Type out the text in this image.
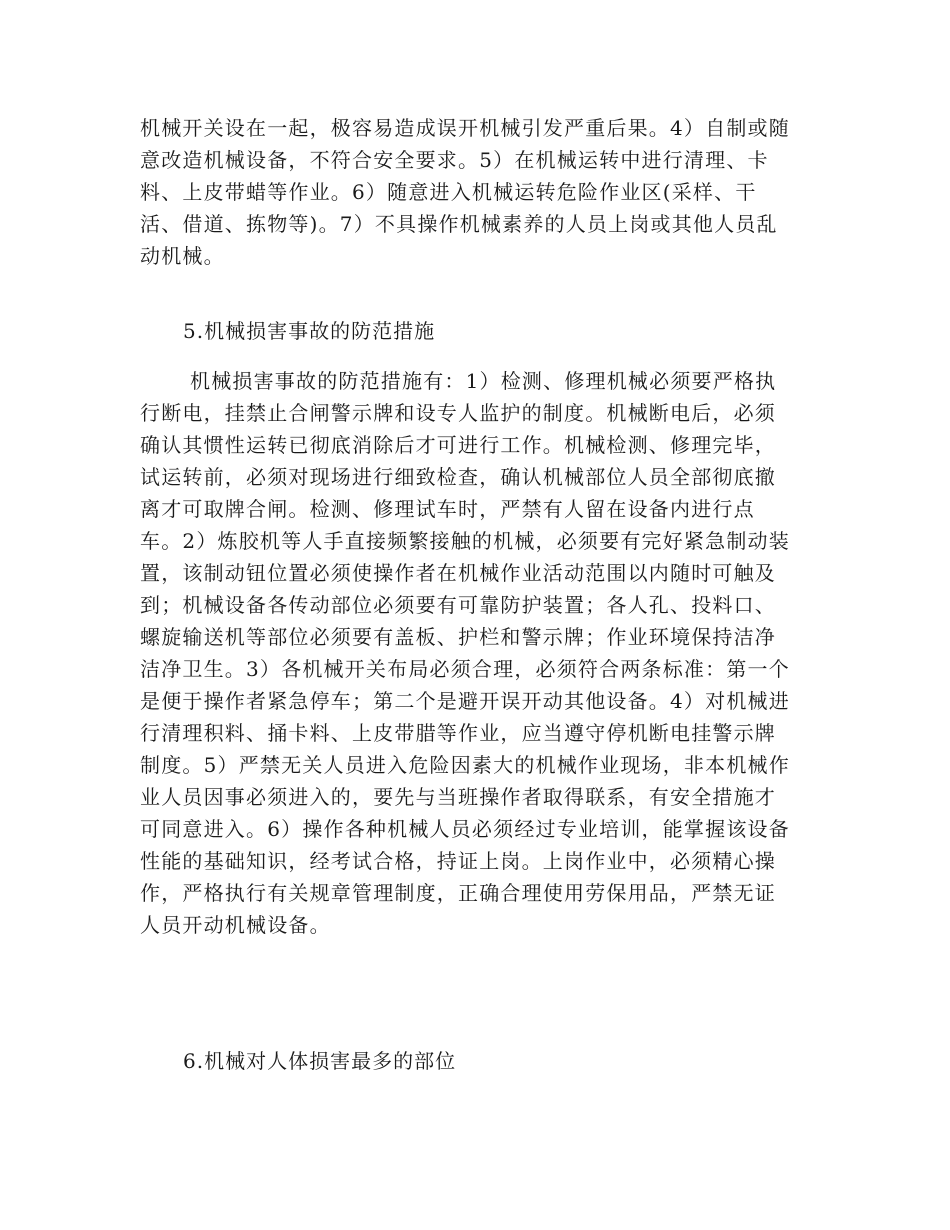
机械开关设在一起，极容易造成误开机械引发严重后果。4）自制或随
意改造机械设备，不符合安全要求。5）在机械运转中进行清理、卡
料、上皮带蜡等作业。6）随意进入机械运转危险作业区(采样、干
活、借道、拣物等)。7）不具操作机械素养的人员上岗或其他人员乱
动机械。
5.机械损害事故的防范措施
机械损害事故的防范措施有：1）检测、修理机械必须要严格执
行断电，挂禁止合闸警示牌和设专人监护的制度。机械断电后，必须
确认其惯性运转已彻底消除后才可进行工作。机械检测、修理完毕，
试运转前，必须对现场进行细致检查，确认机械部位人员全部彻底撤
离才可取牌合闸。检测、修理试车时，严禁有人留在设备内进行点
车。2）炼胶机等人手直接频繁接触的机械，必须要有完好紧急制动装
置，该制动钮位置必须使操作者在机械作业活动范围以内随时可触及
到；机械设备各传动部位必须要有可靠防护装置；各人孔、投料口、
螺旋输送机等部位必须要有盖板、护栏和警示牌；作业环境保持洁净
洁净卫生。3）各机械开关布局必须合理，必须符合两条标准：第一个
是便于操作者紧急停车；第二个是避开误开动其他设备。4）对机械进
行清理积料、捅卡料、上皮带腊等作业，应当遵守停机断电挂警示牌
制度。5）严禁无关人员进入危险因素大的机械作业现场，非本机械作
业人员因事必须进入的，要先与当班操作者取得联系，有安全措施才
可同意进入。6）操作各种机械人员必须经过专业培训，能掌握该设备
性能的基础知识，经考试合格，持证上岗。上岗作业中，必须精心操
作，严格执行有关规章管理制度，正确合理使用劳保用品，严禁无证
人员开动机械设备。
6.机械对人体损害最多的部位
